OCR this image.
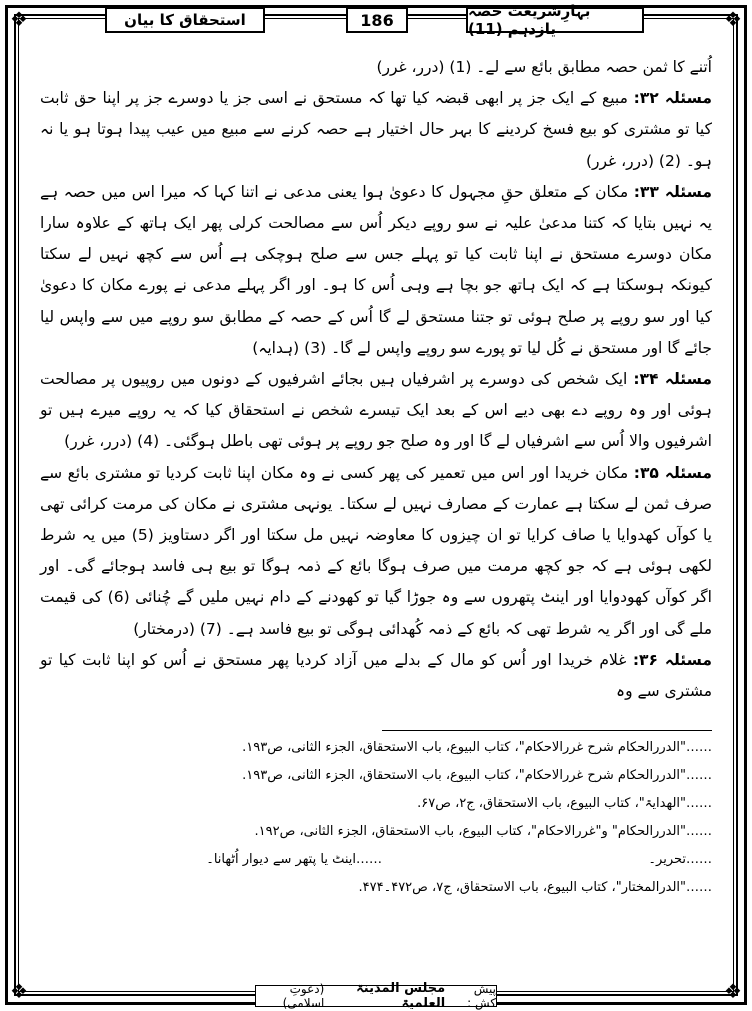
❖	❖
❖	❖
استحقاق کا بیان	186	بہارِشریعت حصہ یازدہم (11)

اُتنے کا ثمن حصہ مطابق بائع سے لے۔ (1) (درر، غرر)

مسئلہ ۳۲: مبیع کے ایک جز پر ابھی قبضہ کیا تھا کہ مستحق نے اسی جز یا دوسرے جز پر اپنا حق ثابت کیا تو مشتری کو بیع فسخ کردینے کا بہر حال اختیار ہے حصہ کرنے سے مبیع میں عیب پیدا ہوتا ہو یا نہ ہو۔ (2) (درر، غرر)

مسئلہ ۳۳: مکان کے متعلق حقِ مجہول کا دعویٰ ہوا یعنی مدعی نے اتنا کہا کہ میرا اس میں حصہ ہے یہ نہیں بتایا کہ کتنا مدعیٰ علیہ نے سو روپے دیکر اُس سے مصالحت کرلی پھر ایک ہاتھ کے علاوہ سارا مکان دوسرے مستحق نے اپنا ثابت کیا تو پہلے جس سے صلح ہوچکی ہے اُس سے کچھ نہیں لے سکتا کیونکہ ہوسکتا ہے کہ ایک ہاتھ جو بچا ہے وہی اُس کا ہو۔ اور اگر پہلے مدعی نے پورے مکان کا دعویٰ کیا اور سو روپے پر صلح ہوئی تو جتنا مستحق لے گا اُس کے حصہ کے مطابق سو روپے میں سے واپس لیا جائے گا اور مستحق نے کُل لیا تو پورے سو روپے واپس لے گا۔ (3) (ہدایہ)

مسئلہ ۳۴: ایک شخص کی دوسرے پر اشرفیاں ہیں بجائے اشرفیوں کے دونوں میں روپیوں پر مصالحت ہوئی اور وہ روپے دے بھی دیے اس کے بعد ایک تیسرے شخص نے استحقاق کیا کہ یہ روپے میرے ہیں تو اشرفیوں والا اُس سے اشرفیاں لے گا اور وہ صلح جو روپے پر ہوئی تھی باطل ہوگئی۔ (4) (درر، غرر)

مسئلہ ۳۵: مکان خریدا اور اس میں تعمیر کی پھر کسی نے وہ مکان اپنا ثابت کردیا تو مشتری بائع سے صرف ثمن لے سکتا ہے عمارت کے مصارف نہیں لے سکتا۔ یونہی مشتری نے مکان کی مرمت کرائی تھی یا کوآں کھدوایا یا صاف کرایا تو ان چیزوں کا معاوضہ نہیں مل سکتا اور اگر دستاویز (5) میں یہ شرط لکھی ہوئی ہے کہ جو کچھ مرمت میں صرف ہوگا بائع کے ذمہ ہوگا تو بیع ہی فاسد ہوجائے گی۔ اور اگر کوآں کھودوایا اور اینٹ پتھروں سے وہ جوڑا گیا تو کھودنے کے دام نہیں ملیں گے چُنائی (6) کی قیمت ملے گی اور اگر یہ شرط تھی کہ بائع کے ذمہ کُھدائی ہوگی تو بیع فاسد ہے۔ (7) (درمختار)

مسئلہ ۳۶: غلام خریدا اور اُس کو مال کے بدلے میں آزاد کردیا پھر مستحق نے اُس کو اپنا ثابت کیا تو مشتری سے وہ

……"الدررالحکام شرح غررالاحکام"، کتاب البیوع، باب الاستحقاق، الجزء الثانی، ص۱۹۳.
……"الدررالحکام شرح غررالاحکام"، کتاب البیوع، باب الاستحقاق، الجزء الثانی، ص۱۹۳.
……"الھدایۃ"، کتاب البیوع، باب الاستحقاق، ج۲، ص۶۷.
……"الدررالحکام" و"غررالاحکام"، کتاب البیوع، باب الاستحقاق، الجزء الثانی، ص۱۹۲.
……تحریر۔
……اینٹ یا پتھر سے دیوار اُٹھانا۔
……"الدرالمختار"، کتاب البیوع، باب الاستحقاق، ج۷، ص۴۷۲۔۴۷۴.
پیش کش :
مجلس المدینۃ العلمیۃ
(دعوتِ اسلامی)
